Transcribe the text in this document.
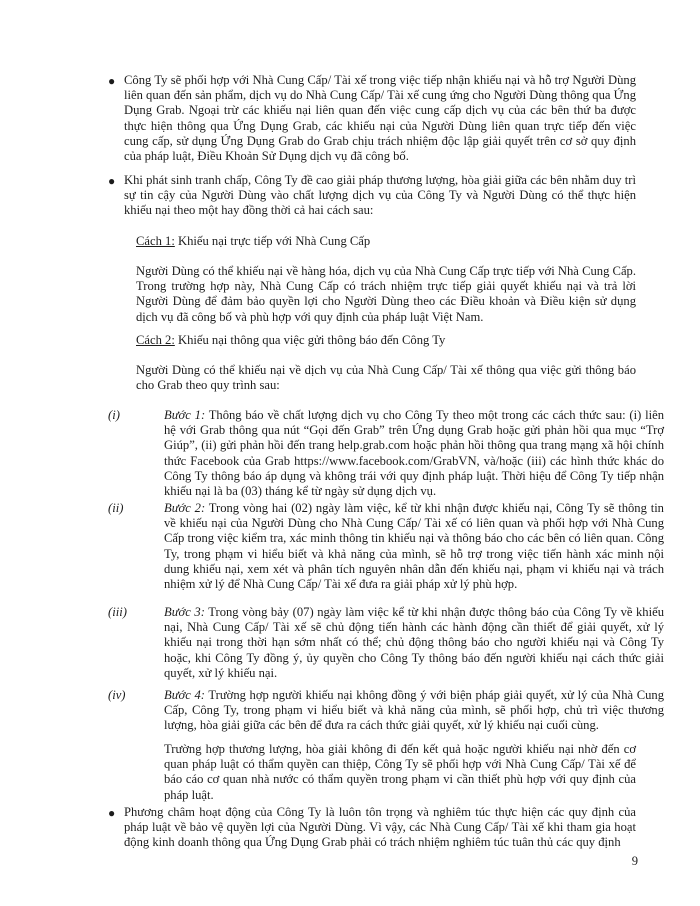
● Công Ty sẽ phối hợp với Nhà Cung Cấp/ Tài xế trong việc tiếp nhận khiếu nại và hỗ trợ Người Dùng liên quan đến sản phẩm, dịch vụ do Nhà Cung Cấp/ Tài xế cung ứng cho Người Dùng thông qua Ứng Dụng Grab. Ngoại trừ các khiếu nại liên quan đến việc cung cấp dịch vụ của các bên thứ ba được thực hiện thông qua Ứng Dụng Grab, các khiếu nại của Người Dùng liên quan trực tiếp đến việc cung cấp, sử dụng Ứng Dụng Grab do Grab chịu trách nhiệm độc lập giải quyết trên cơ sở quy định của pháp luật, Điều Khoản Sử Dụng dịch vụ đã công bố.

● Khi phát sinh tranh chấp, Công Ty đề cao giải pháp thương lượng, hòa giải giữa các bên nhằm duy trì sự tin cậy của Người Dùng vào chất lượng dịch vụ của Công Ty và Người Dùng có thể thực hiện khiếu nại theo một hay đồng thời cả hai cách sau:

Cách 1: Khiếu nại trực tiếp với Nhà Cung Cấp

Người Dùng có thể khiếu nại về hàng hóa, dịch vụ của Nhà Cung Cấp trực tiếp với Nhà Cung Cấp. Trong trường hợp này, Nhà Cung Cấp có trách nhiệm trực tiếp giải quyết khiếu nại và trả lời Người Dùng để đảm bảo quyền lợi cho Người Dùng theo các Điều khoản và Điều kiện sử dụng dịch vụ đã công bố và phù hợp với quy định của pháp luật Việt Nam.

Cách 2: Khiếu nại thông qua việc gửi thông báo đến Công Ty

Người Dùng có thể khiếu nại về dịch vụ của Nhà Cung Cấp/ Tài xế thông qua việc gửi thông báo cho Grab theo quy trình sau:

(i)	Bước 1: Thông báo về chất lượng dịch vụ cho Công Ty theo một trong các cách thức sau: (i) liên hệ với Grab thông qua nút “Gọi đến Grab” trên Ứng dụng Grab hoặc gửi phản hồi qua mục “Trợ Giúp”, (ii) gửi phản hồi đến trang help.grab.com hoặc phản hồi thông qua trang mạng xã hội chính thức Facebook của Grab https://www.facebook.com/GrabVN, và/hoặc (iii) các hình thức khác do Công Ty thông báo áp dụng và không trái với quy định pháp luật. Thời hiệu để Công Ty tiếp nhận khiếu nại là ba (03) tháng kể từ ngày sử dụng dịch vụ.

(ii)	Bước 2: Trong vòng hai (02) ngày làm việc, kể từ khi nhận được khiếu nại, Công Ty sẽ thông tin về khiếu nại của Người Dùng cho Nhà Cung Cấp/ Tài xế có liên quan và phối hợp với Nhà Cung Cấp trong việc kiểm tra, xác minh thông tin khiếu nại và thông báo cho các bên có liên quan. Công Ty, trong phạm vi hiểu biết và khả năng của mình, sẽ hỗ trợ trong việc tiến hành xác minh nội dung khiếu nại, xem xét và phân tích nguyên nhân dẫn đến khiếu nại, phạm vi khiếu nại và trách nhiệm xử lý để Nhà Cung Cấp/ Tài xế đưa ra giải pháp xử lý phù hợp.

(iii)	Bước 3: Trong vòng bảy (07) ngày làm việc kể từ khi nhận được thông báo của Công Ty về khiếu nại, Nhà Cung Cấp/ Tài xế sẽ chủ động tiến hành các hành động cần thiết để giải quyết, xử lý khiếu nại trong thời hạn sớm nhất có thể; chủ động thông báo cho người khiếu nại và Công Ty hoặc, khi Công Ty đồng ý, ủy quyền cho Công Ty thông báo đến người khiếu nại cách thức giải quyết, xử lý khiếu nại.

(iv)	Bước 4: Trường hợp người khiếu nại không đồng ý với biện pháp giải quyết, xử lý của Nhà Cung Cấp, Công Ty, trong phạm vi hiểu biết và khả năng của mình, sẽ phối hợp, chủ trì việc thương lượng, hòa giải giữa các bên để đưa ra cách thức giải quyết, xử lý khiếu nại cuối cùng.

Trường hợp thương lượng, hòa giải không đi đến kết quả hoặc người khiếu nại nhờ đến cơ quan pháp luật có thẩm quyền can thiệp, Công Ty sẽ phối hợp với Nhà Cung Cấp/ Tài xế để báo cáo cơ quan nhà nước có thẩm quyền trong phạm vi cần thiết phù hợp với quy định của pháp luật.

● Phương châm hoạt động của Công Ty là luôn tôn trọng và nghiêm túc thực hiện các quy định của pháp luật về bảo vệ quyền lợi của Người Dùng. Vì vậy, các Nhà Cung Cấp/ Tài xế khi tham gia hoạt động kinh doanh thông qua Ứng Dụng Grab phải có trách nhiệm nghiêm túc tuân thủ các quy định

9
